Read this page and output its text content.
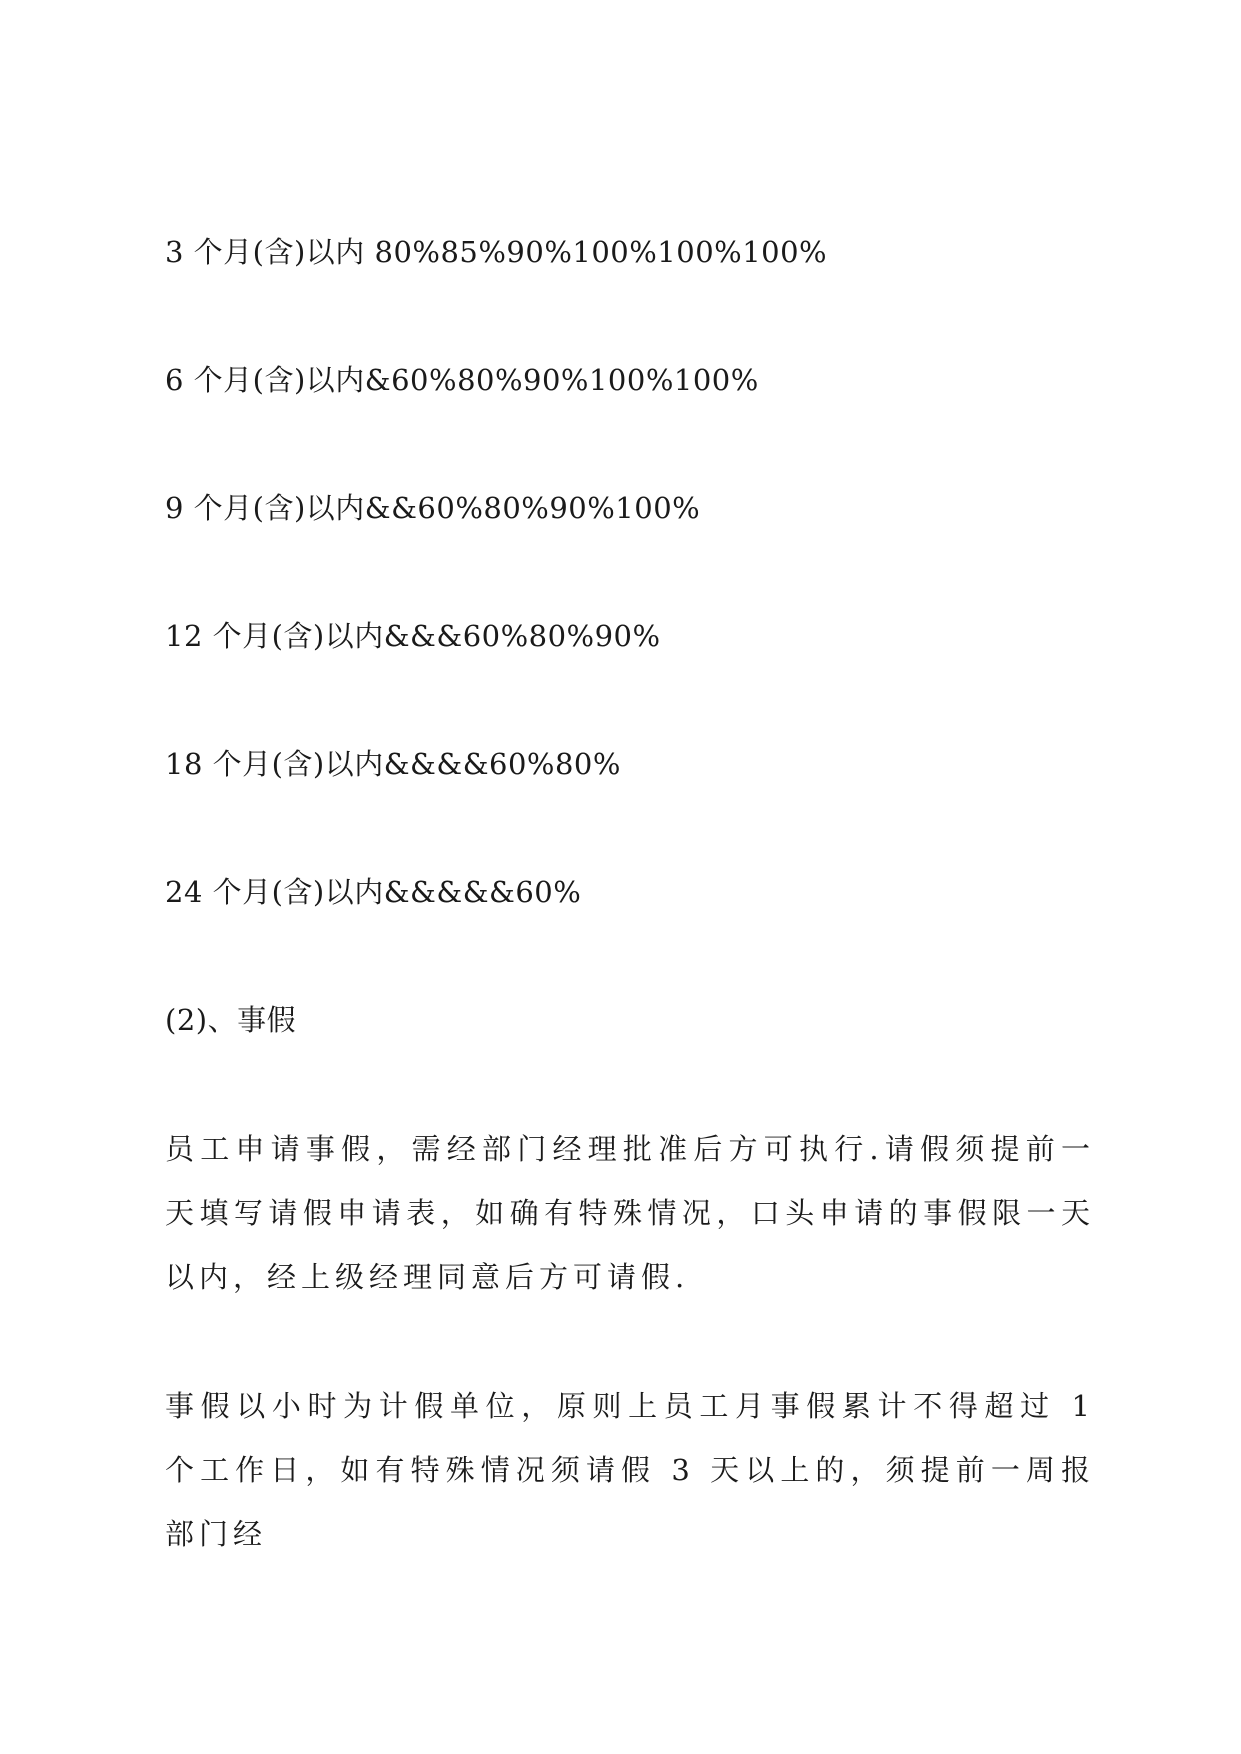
3 个月(含)以内 80%85%90%100%100%100%
6 个月(含)以内&60%80%90%100%100%
9 个月(含)以内&&60%80%90%100%
12 个月(含)以内&&&60%80%90%
18 个月(含)以内&&&&60%80%
24 个月(含)以内&&&&&60%
(2)、事假
员工申请事假，需经部门经理批准后方可执行.请假须提前一天填写请假申请表，如确有特殊情况，口头申请的事假限一天以内，经上级经理同意后方可请假.
事假以小时为计假单位，原则上员工月事假累计不得超过 1 个工作日，如有特殊情况须请假 3 天以上的，须提前一周报部门经
